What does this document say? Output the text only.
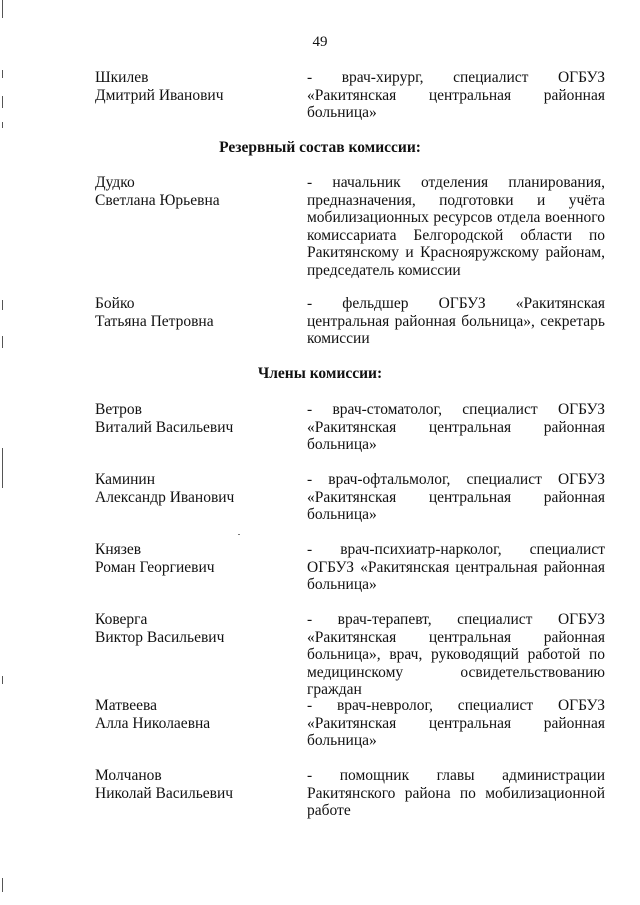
49
Шкилев
Дмитрий Иванович
- врач-хирург, специалист ОГБУЗ «Ракитянская центральная районная больница»
Резервный состав комиссии:
Дудко
Светлана Юрьевна
- начальник отделения планирования, предназначения, подготовки и учёта мобилизационных ресурсов отдела военного комиссариата Белгородской области по Ракитянскому и Краснояружскому районам, председатель комиссии
Бойко
Татьяна Петровна
- фельдшер ОГБУЗ «Ракитянская центральная районная больница», секретарь комиссии
Члены комиссии:
Ветров
Виталий Васильевич
- врач-стоматолог, специалист ОГБУЗ «Ракитянская центральная районная больница»
Каминин
Александр Иванович
- врач-офтальмолог, специалист ОГБУЗ «Ракитянская центральная районная больница»
Князев
Роман Георгиевич
- врач-психиатр-нарколог, специалист ОГБУЗ «Ракитянская центральная районная больница»
Коверга
Виктор Васильевич
- врач-терапевт, специалист ОГБУЗ «Ракитянская центральная районная больница», врач, руководящий работой по медицинскому освидетельствованию граждан
Матвеева
Алла Николаевна
- врач-невролог, специалист ОГБУЗ «Ракитянская центральная районная больница»
Молчанов
Николай Васильевич
- помощник главы администрации Ракитянского района по мобилизационной работе
